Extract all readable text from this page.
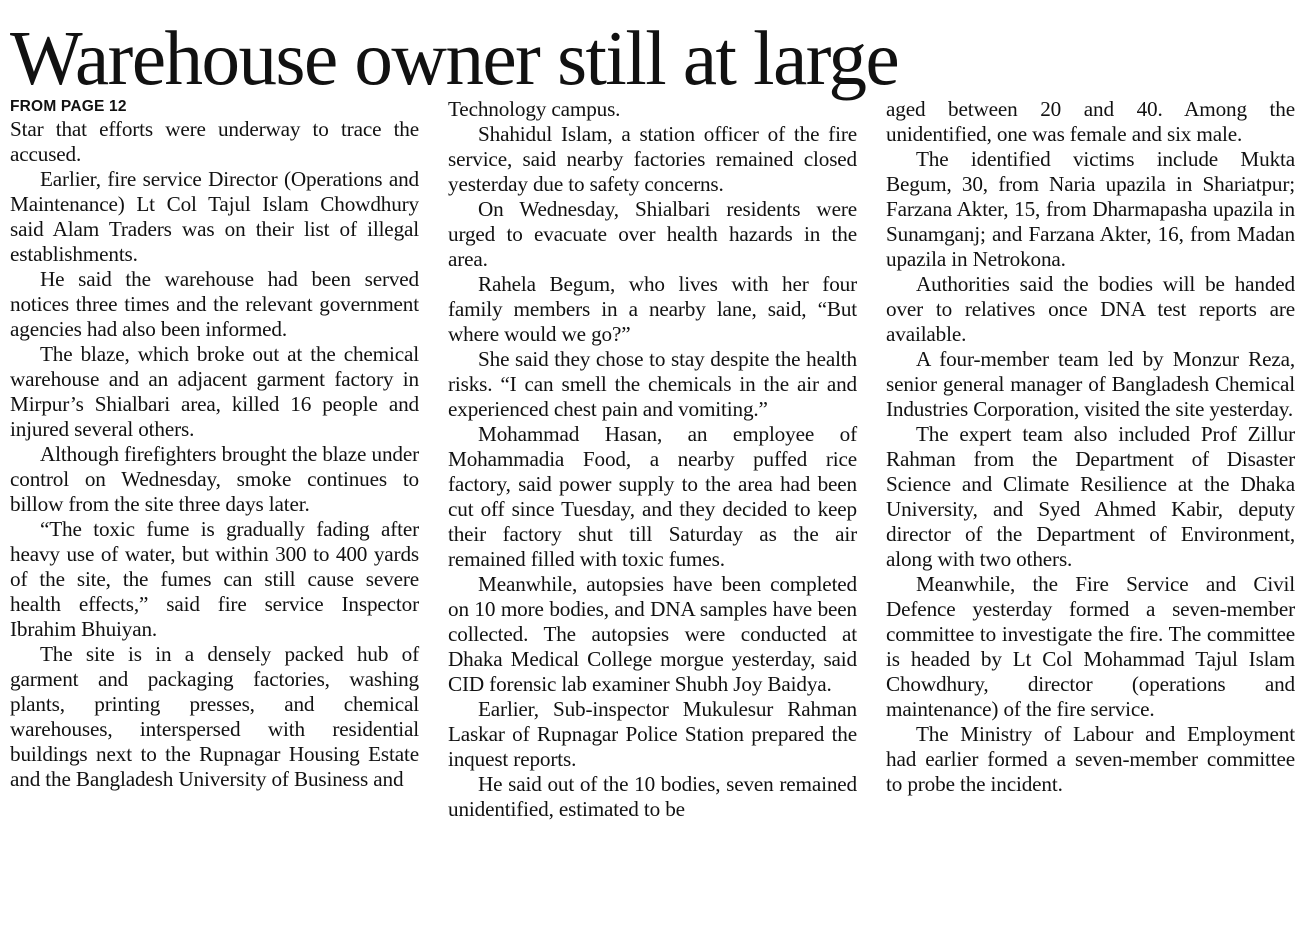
Warehouse owner still at large
FROM PAGE 12

Star that efforts were underway to trace the accused.

Earlier, fire service Director (Operations and Maintenance) Lt Col Tajul Islam Chowdhury said Alam Traders was on their list of illegal establishments.

He said the warehouse had been served notices three times and the relevant government agencies had also been informed.

The blaze, which broke out at the chemical warehouse and an adjacent garment factory in Mirpur’s Shialbari area, killed 16 people and injured several others.

Although firefighters brought the blaze under control on Wednesday, smoke continues to billow from the site three days later.

“The toxic fume is gradually fading after heavy use of water, but within 300 to 400 yards of the site, the fumes can still cause severe health effects,” said fire service Inspector Ibrahim Bhuiyan.

The site is in a densely packed hub of garment and packaging factories, washing plants, printing presses, and chemical warehouses, interspersed with residential buildings next to the Rupnagar Housing Estate and the Bangladesh University of Business and

Technology campus.

Shahidul Islam, a station officer of the fire service, said nearby factories remained closed yesterday due to safety concerns.

On Wednesday, Shialbari residents were urged to evacuate over health hazards in the area.

Rahela Begum, who lives with her four family members in a nearby lane, said, “But where would we go?”

She said they chose to stay despite the health risks. “I can smell the chemicals in the air and experienced chest pain and vomiting.”

Mohammad Hasan, an employee of Mohammadia Food, a nearby puffed rice factory, said power supply to the area had been cut off since Tuesday, and they decided to keep their factory shut till Saturday as the air remained filled with toxic fumes.

Meanwhile, autopsies have been completed on 10 more bodies, and DNA samples have been collected. The autopsies were conducted at Dhaka Medical College morgue yesterday, said CID forensic lab examiner Shubh Joy Baidya.

Earlier, Sub-inspector Mukulesur Rahman Laskar of Rupnagar Police Station prepared the inquest reports.

He said out of the 10 bodies, seven remained unidentified, estimated to be

aged between 20 and 40. Among the unidentified, one was female and six male.

The identified victims include Mukta Begum, 30, from Naria upazila in Shariatpur; Farzana Akter, 15, from Dharmapasha upazila in Sunamganj; and Farzana Akter, 16, from Madan upazila in Netrokona.

Authorities said the bodies will be handed over to relatives once DNA test reports are available.

A four-member team led by Monzur Reza, senior general manager of Bangladesh Chemical Industries Corporation, visited the site yesterday.

The expert team also included Prof Zillur Rahman from the Department of Disaster Science and Climate Resilience at the Dhaka University, and Syed Ahmed Kabir, deputy director of the Department of Environment, along with two others.

Meanwhile, the Fire Service and Civil Defence yesterday formed a seven-member committee to investigate the fire. The committee is headed by Lt Col Mohammad Tajul Islam Chowdhury, director (operations and maintenance) of the fire service.

The Ministry of Labour and Employment had earlier formed a seven-member committee to probe the incident.
